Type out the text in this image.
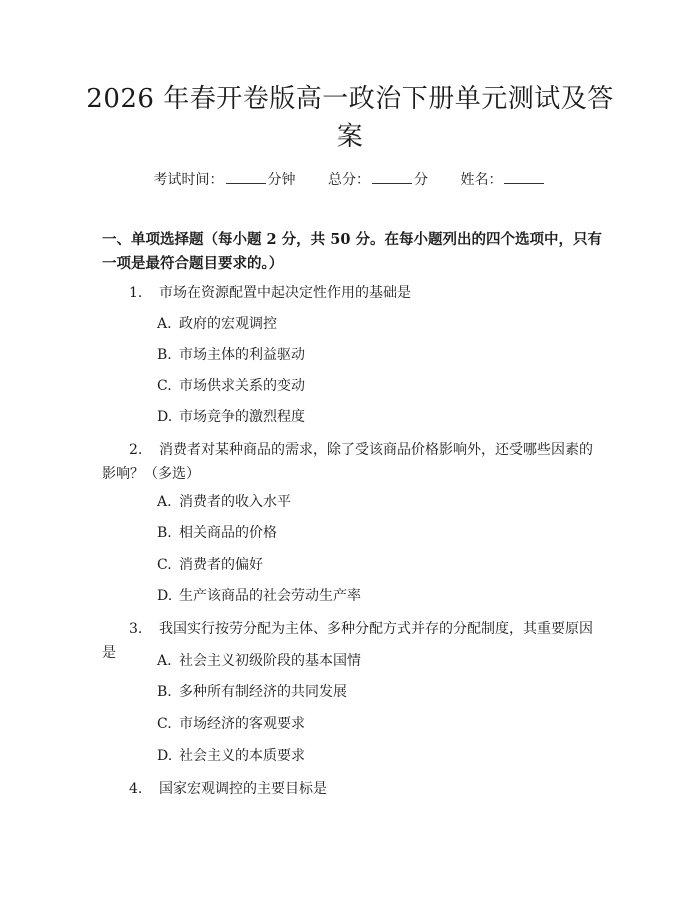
2026 年春开卷版高一政治下册单元测试及答案
考试时间：	分钟 总分：	分 姓名：
一、单项选择题（每小题 2 分，共 50 分。在每小题列出的四个选项中，只有一项是最符合题目要求的。）
1. 市场在资源配置中起决定性作用的基础是
A. 政府的宏观调控
B. 市场主体的利益驱动
C. 市场供求关系的变动
D. 市场竞争的激烈程度
2. 消费者对某种商品的需求，除了受该商品价格影响外，还受哪些因素的影响？（多选）
A. 消费者的收入水平
B. 相关商品的价格
C. 消费者的偏好
D. 生产该商品的社会劳动生产率
3. 我国实行按劳分配为主体、多种分配方式并存的分配制度，其重要原因是	A. 社会主义初级阶段的基本国情
B. 多种所有制经济的共同发展
C. 市场经济的客观要求
D. 社会主义的本质要求
4. 国家宏观调控的主要目标是
